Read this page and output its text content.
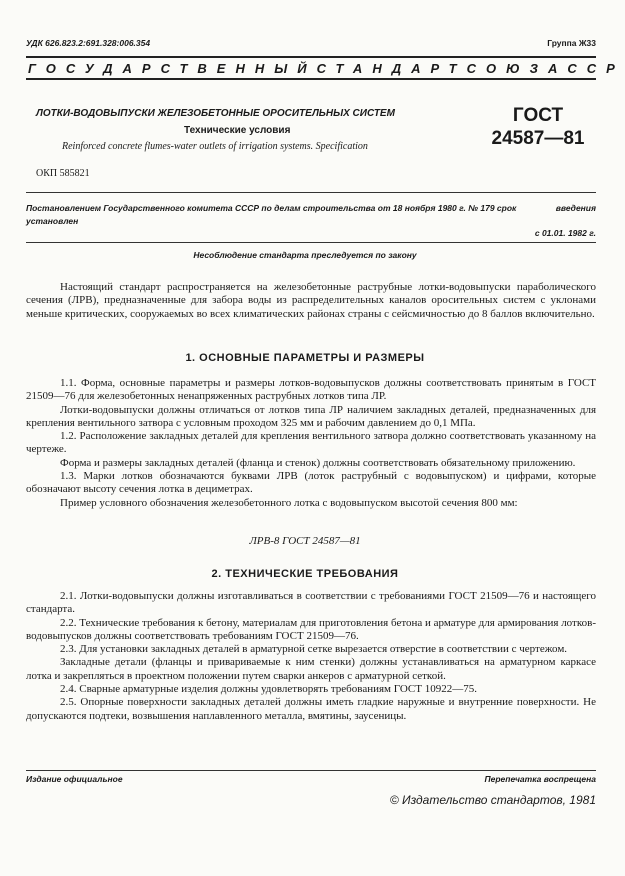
УДК 626.823.2:691.328:006.354	Группа Ж33
ГОСУДАРСТВЕННЫЙ СТАНДАРТ СОЮЗА ССР
ЛОТКИ-ВОДОВЫПУСКИ ЖЕЛЕЗОБЕТОННЫЕ ОРОСИТЕЛЬНЫХ СИСТЕМ
Технические условия
Reinforced concrete flumes-water outlets of irrigation systems. Specification
ГОСТ
24587—81
ОКП 585821
Постановлением Государственного комитета СССР по делам строительства от 18 ноября 1980 г. № 179 срок	введения

установлен
с 01.01. 1982 г.
Несоблюдение стандарта преследуется по закону

Настоящий стандарт распространяется на железобетонные раструбные лотки-водовыпуски параболического сечения (ЛРВ), предназначенные для забора воды из распределительных каналов оросительных систем с уклонами меньше критических, сооружаемых во всех климатических районах страны с сейсмичностью до 8 баллов включительно.

1. ОСНОВНЫЕ ПАРАМЕТРЫ И РАЗМЕРЫ

1.1. Форма, основные параметры и размеры лотков-водовыпусков должны соответствовать принятым в ГОСТ 21509—76 для железобетонных ненапряженных раструбных лотков типа ЛР.

Лотки-водовыпуски должны отличаться от лотков типа ЛР наличием закладных деталей, предназначенных для крепления вентильного затвора с условным проходом 325 мм и рабочим давлением до 0,1 МПа.

1.2. Расположение закладных деталей для крепления вентильного затвора должно соответствовать указанному на чертеже.

Форма и размеры закладных деталей (фланца и стенок) должны соответствовать обязательному приложению.

1.3. Марки лотков обозначаются буквами ЛРВ (лоток раструбный с водовыпуском) и цифрами, которые обозначают высоту сечения лотка в дециметрах.

Пример условного обозначения железобетонного лотка с водовыпуском высотой сечения 800 мм:

ЛРВ-8 ГОСТ 24587—81
2. ТЕХНИЧЕСКИЕ ТРЕБОВАНИЯ

2.1. Лотки-водовыпуски должны изготавливаться в соответствии с требованиями ГОСТ 21509—76 и настоящего стандарта.

2.2. Технические требования к бетону, материалам для приготовления бетона и арматуре для армирования лотков-водовыпусков должны соответствовать требованиям ГОСТ 21509—76.

2.3. Для установки закладных деталей в арматурной сетке вырезается отверстие в соответствии с чертежом.

Закладные детали (фланцы и привариваемые к ним стенки) должны устанавливаться на арматурном каркасе лотка и закрепляться в проектном положении путем сварки анкеров с арматурной сеткой.

2.4. Сварные арматурные изделия должны удовлетворять требованиям ГОСТ 10922—75.

2.5. Опорные поверхности закладных деталей должны иметь гладкие наружные и внутренние поверхности. Не допускаются подтеки, возвышения наплавленного металла, вмятины, заусеницы.

Издание официальное	Перепечатка воспрещена
© Издательство стандартов, 1981
